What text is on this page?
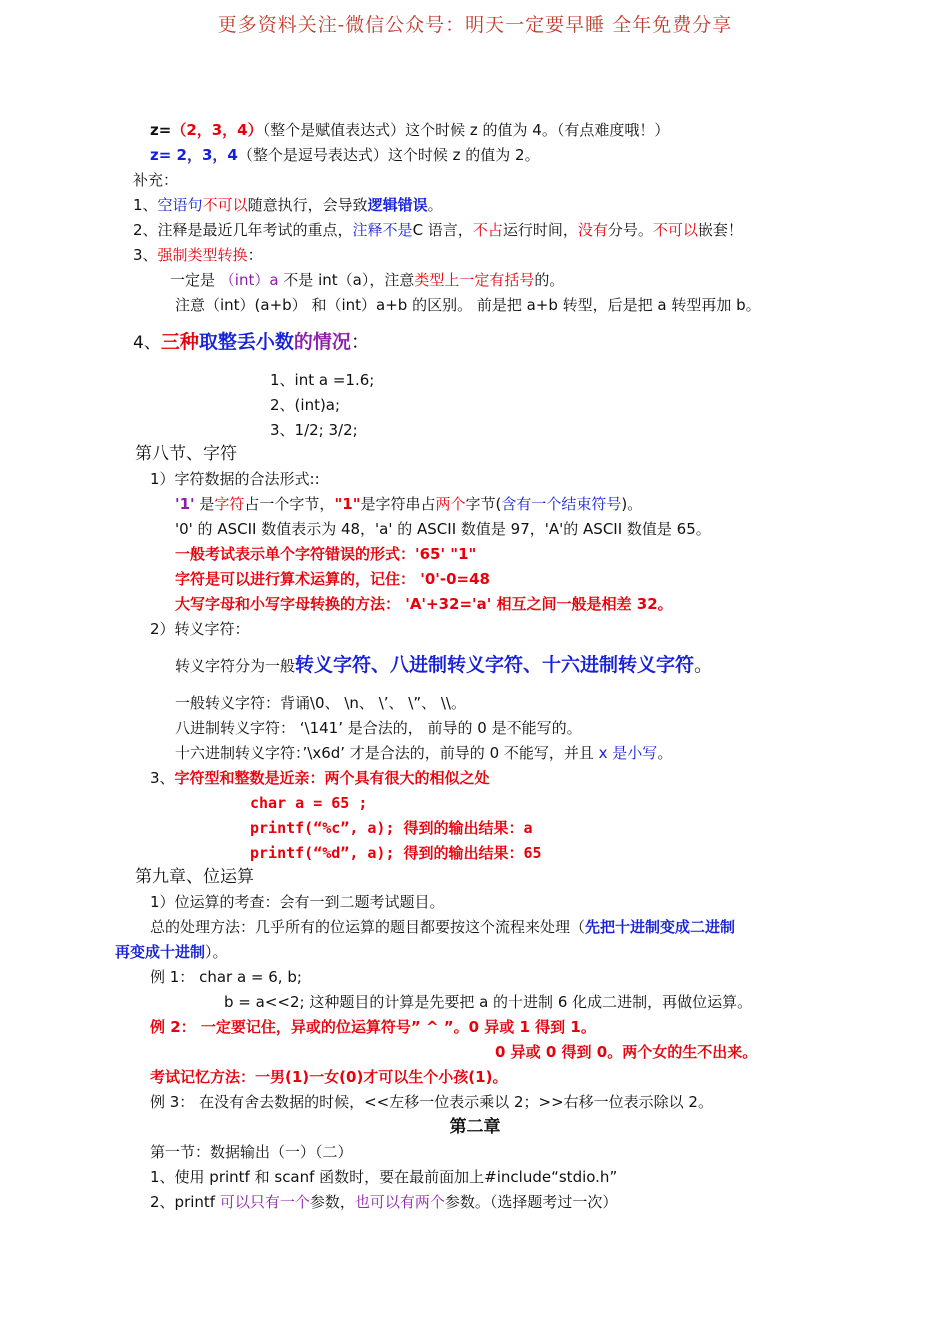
更多资料关注-微信公众号：明天一定要早睡 全年免费分享
z=（2，3，4）（整个是赋值表达式）这个时候 z 的值为 4。（有点难度哦！）
z= 2，3，4（整个是逗号表达式）这个时候 z 的值为 2。
补充：
1、空语句不可以随意执行，会导致逻辑错误。
2、注释是最近几年考试的重点，注释不是C 语言，不占运行时间，没有分号。不可以嵌套！
3、强制类型转换：
一定是 （int）a 不是 int（a），注意类型上一定有括号的。
注意（int）(a+b） 和（int）a+b 的区别。 前是把 a+b 转型，后是把 a 转型再加 b。
4、三种取整丢小数的情况：
1、int a =1.6;
2、(int)a;
3、1/2; 3/2;
第八节、字符
1）字符数据的合法形式::
'1' 是字符占一个字节，"1"是字符串占两个字节(含有一个结束符号)。
'0' 的 ASCII 数值表示为 48，'a' 的 ASCII 数值是 97，'A'的 ASCII 数值是 65。
一般考试表示单个字符错误的形式：'65' "1"
字符是可以进行算术运算的，记住： '0'-0=48
大写字母和小写字母转换的方法： 'A'+32='a' 相互之间一般是相差 32。
2）转义字符：
转义字符分为一般转义字符、八进制转义字符、十六进制转义字符。
一般转义字符：背诵\0、 \n、 \’、 \”、 \\。
八进制转义字符： ‘\141’ 是合法的， 前导的 0 是不能写的。
十六进制转义字符：’\x6d’ 才是合法的，前导的 0 不能写，并且 x 是小写。
3、字符型和整数是近亲：两个具有很大的相似之处
char a = 65 ;
printf(“%c”, a); 得到的输出结果：a
printf(“%d”, a); 得到的输出结果：65
第九章、位运算
1）位运算的考查：会有一到二题考试题目。
总的处理方法：几乎所有的位运算的题目都要按这个流程来处理（先把十进制变成二进制
再变成十进制）。
例 1： char a = 6, b;
b = a<<2; 这种题目的计算是先要把 a 的十进制 6 化成二进制，再做位运算。
例 2： 一定要记住，异或的位运算符号” ^ ”。0 异或 1 得到 1。
0 异或 0 得到 0。两个女的生不出来。
考试记忆方法：一男(1)一女(0)才可以生个小孩(1)。
例 3： 在没有舍去数据的时候，<<左移一位表示乘以 2；>>右移一位表示除以 2。
第二章
第一节：数据输出（一）（二）
1、使用 printf 和 scanf 函数时，要在最前面加上#include“stdio.h”
2、printf 可以只有一个参数，也可以有两个参数。（选择题考过一次）
